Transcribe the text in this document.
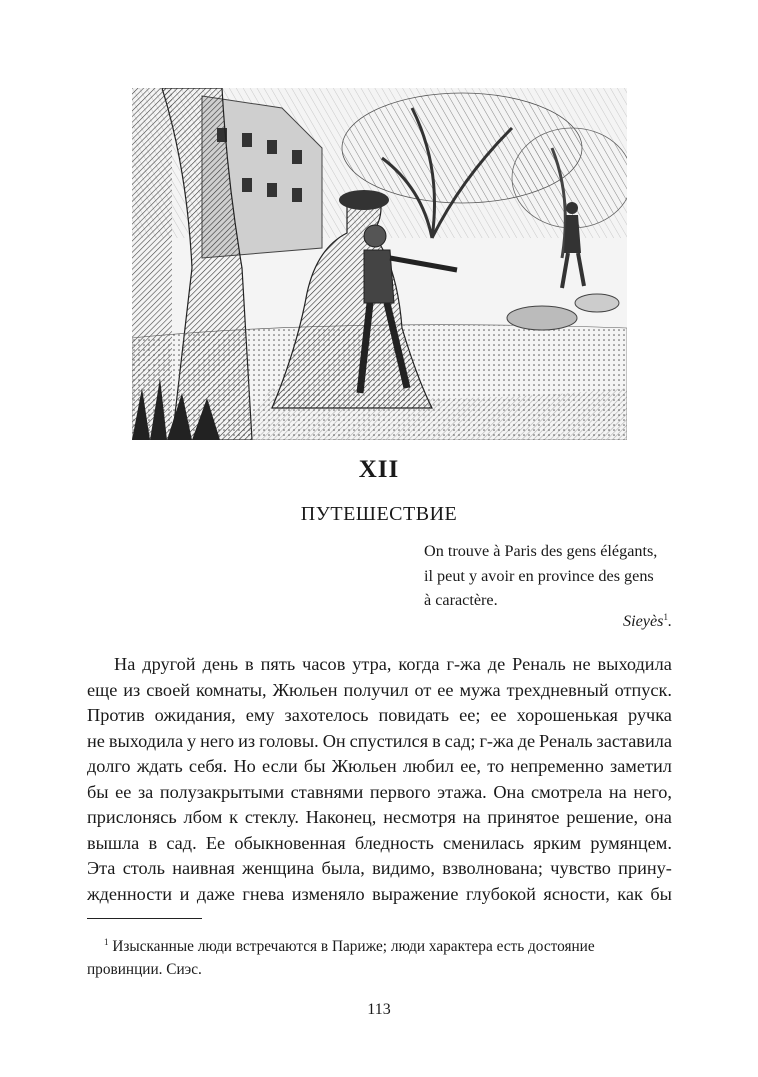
XII
ПУТЕШЕСТВИЕ
On trouve à Paris des gens élégants,
il peut y avoir en province des gens
à caractère.
Sieyès$^1$.
На другой день в пять часов утра, когда г-жа де Реналь не выходила
еще из своей комнаты, Жюльен получил от ее мужа трехдневный отпуск.
Против ожидания, ему захотелось повидать ее; ее хорошенькая ручка
не выходила у него из головы. Он спустился в сад; г-жа де Реналь заставила
долго ждать себя. Но если бы Жюльен любил ее, то непременно заметил
бы ее за полузакрытыми ставнями первого этажа. Она смотрела на него,
прислонясь лбом к стеклу. Наконец, несмотря на принятое решение, она
вышла в сад. Ее обыкновенная бледность сменилась ярким румянцем.
Эта столь наивная женщина была, видимо, взволнована; чувство прину-
жденности и даже гнева изменяло выражение глубокой ясности, как бы
$^1$ Изысканные люди встречаются в Париже; люди характера есть достояние
провинции. Сиэс.
113
